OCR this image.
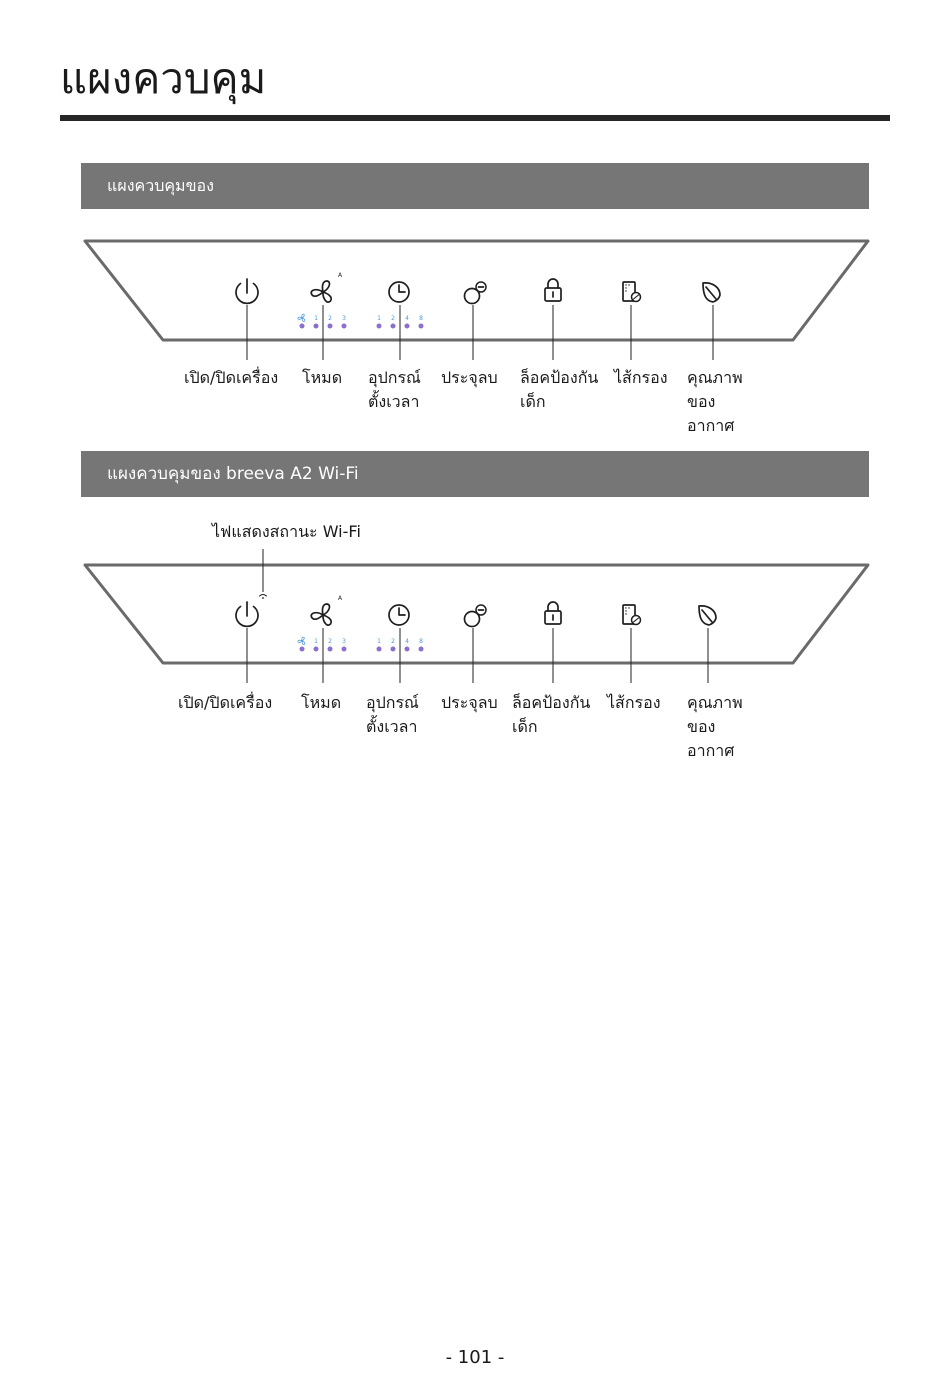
แผงควบคุม
แผงควบคุมของ
แผงควบคุมของ breeva A2 Wi-Fi
A
1 2 3	1 2 4 8
A
1 2 3	1 2 4 8
เปิด/ปิดเครื่อง โหมด อุปกรณ์
ตั้งเวลา
ประจุลบ ล็อคป้องกัน
เด็ก
ไส้กรอง คุณภาพ
ของ
อากาศ
ไฟแสดงสถานะ Wi-Fi
เปิด/ปิดเครื่อง โหมด อุปกรณ์
ตั้งเวลา
ประจุลบ ล็อคป้องกัน
เด็ก
ไส้กรอง คุณภาพ
ของ
อากาศ
- 101 -
